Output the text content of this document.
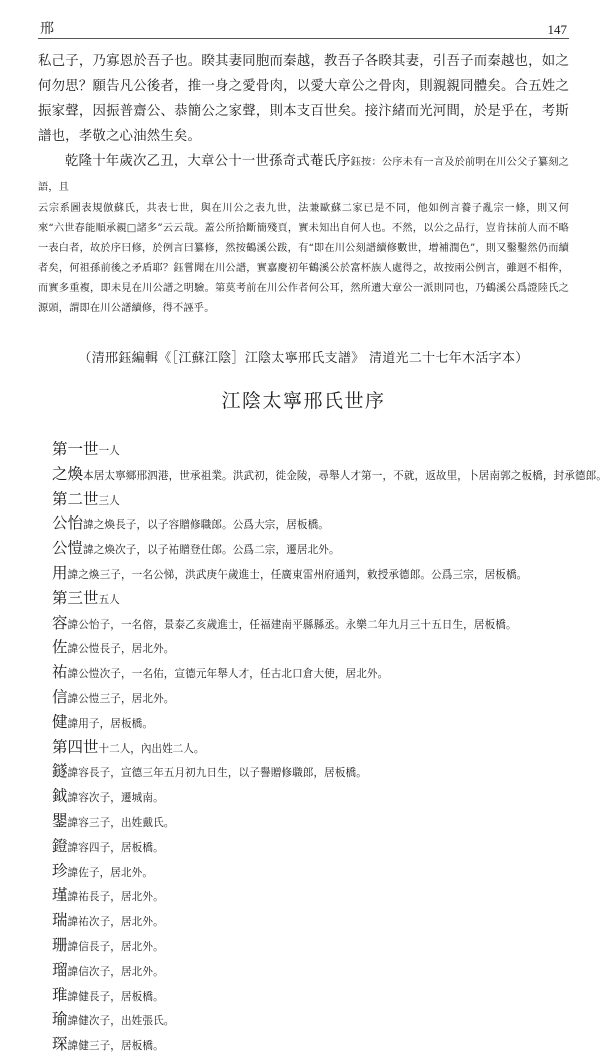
邢	147

私己子，乃寡恩於吾子也。睽其妻同胞而秦越，教吾子各睽其妻，引吾子而秦越也，如之何勿思？願告凡公後者，推一身之愛骨肉，以愛大章公之骨肉，則親親同體矣。合五姓之振家聲，因振普齋公、恭簡公之家聲，則本支百世矣。接汴緒而光河間，於是乎在，考斯譜也，孝敬之心油然生矣。

乾隆十年歲次乙丑，大章公十一世孫奇式菴氏序鈺按：公序未有一言及於前明在川公父子纂刻之語，且

云宗系圖表規倣蘇氏，共表七世，與在川公之表九世，法兼歐蘇二家已是不同，他如例言養子亂宗一條，則又何來“六世春能順承親□諸多”云云哉。蓋公所拾斷簡殘頁，實未知出自何人也。不然，以公之品行，豈肯抹前人而不略一表白者，故於序曰修，於例言曰纂修，然按鶴溪公跋，有“即在川公刻譜續修數世，增補潤色”，則又鑿鑿然仍而續者矣，何祖孫前後之矛盾耶？鈺嘗聞在川公譜，實嘉慶初年鶴溪公於富杯族人處得之，故按兩公例言，雖迥不相侔，而實多重複，即未見在川公譜之明驗。第莫考前在川公作者何公耳，然所遺大章公一派則同也，乃鶴溪公爲證陸氏之源頭，謂即在川公譜續修，得不誣乎。

（清邢鈺編輯《［江蘇江陰］江陰太寧邢氏支譜》 清道光二十七年木活字本）
江陰太寧邢氏世序
第一世一人
之煥本居太寧鄉邢泗港，世承祖業。洪武初，徙金陵，尋舉人才第一，不就，返故里，卜居南郭之板橋，封承德郎。
第二世三人
公怡諱之煥長子，以子容贈修職郎。公爲大宗，居板橋。
公愷諱之煥次子，以子祐贈登仕郎。公爲二宗，遷居北外。
用諱之煥三子，一名公悌，洪武庚午歲進士，任廣東雷州府通判，敕授承德郎。公爲三宗，居板橋。
第三世五人
容諱公怡子，一名傛，景泰乙亥歲進士，任福建南平縣縣丞。永樂二年九月三十五日生，居板橋。
佐諱公愷長子，居北外。
祐諱公愷次子，一名佑，宣德元年舉人才，任古北口倉大使，居北外。
信諱公愷三子，居北外。
健諱用子，居板橋。
第四世十二人，內出姓二人。
鐩諱容長子，宣德三年五月初九日生，以子譽贈修職郎，居板橋。
鉞諱容次子，遷城南。
鑍諱容三子，出姓戴氏。
鐙諱容四子，居板橋。
珍諱佐子，居北外。
瑾諱祐長子，居北外。
瑞諱祐次子，居北外。
珊諱信長子，居北外。
瑠諱信次子，居北外。
琟諱健長子，居板橋。
瑜諱健次子，出姓張氏。
琛諱健三子，居板橋。
